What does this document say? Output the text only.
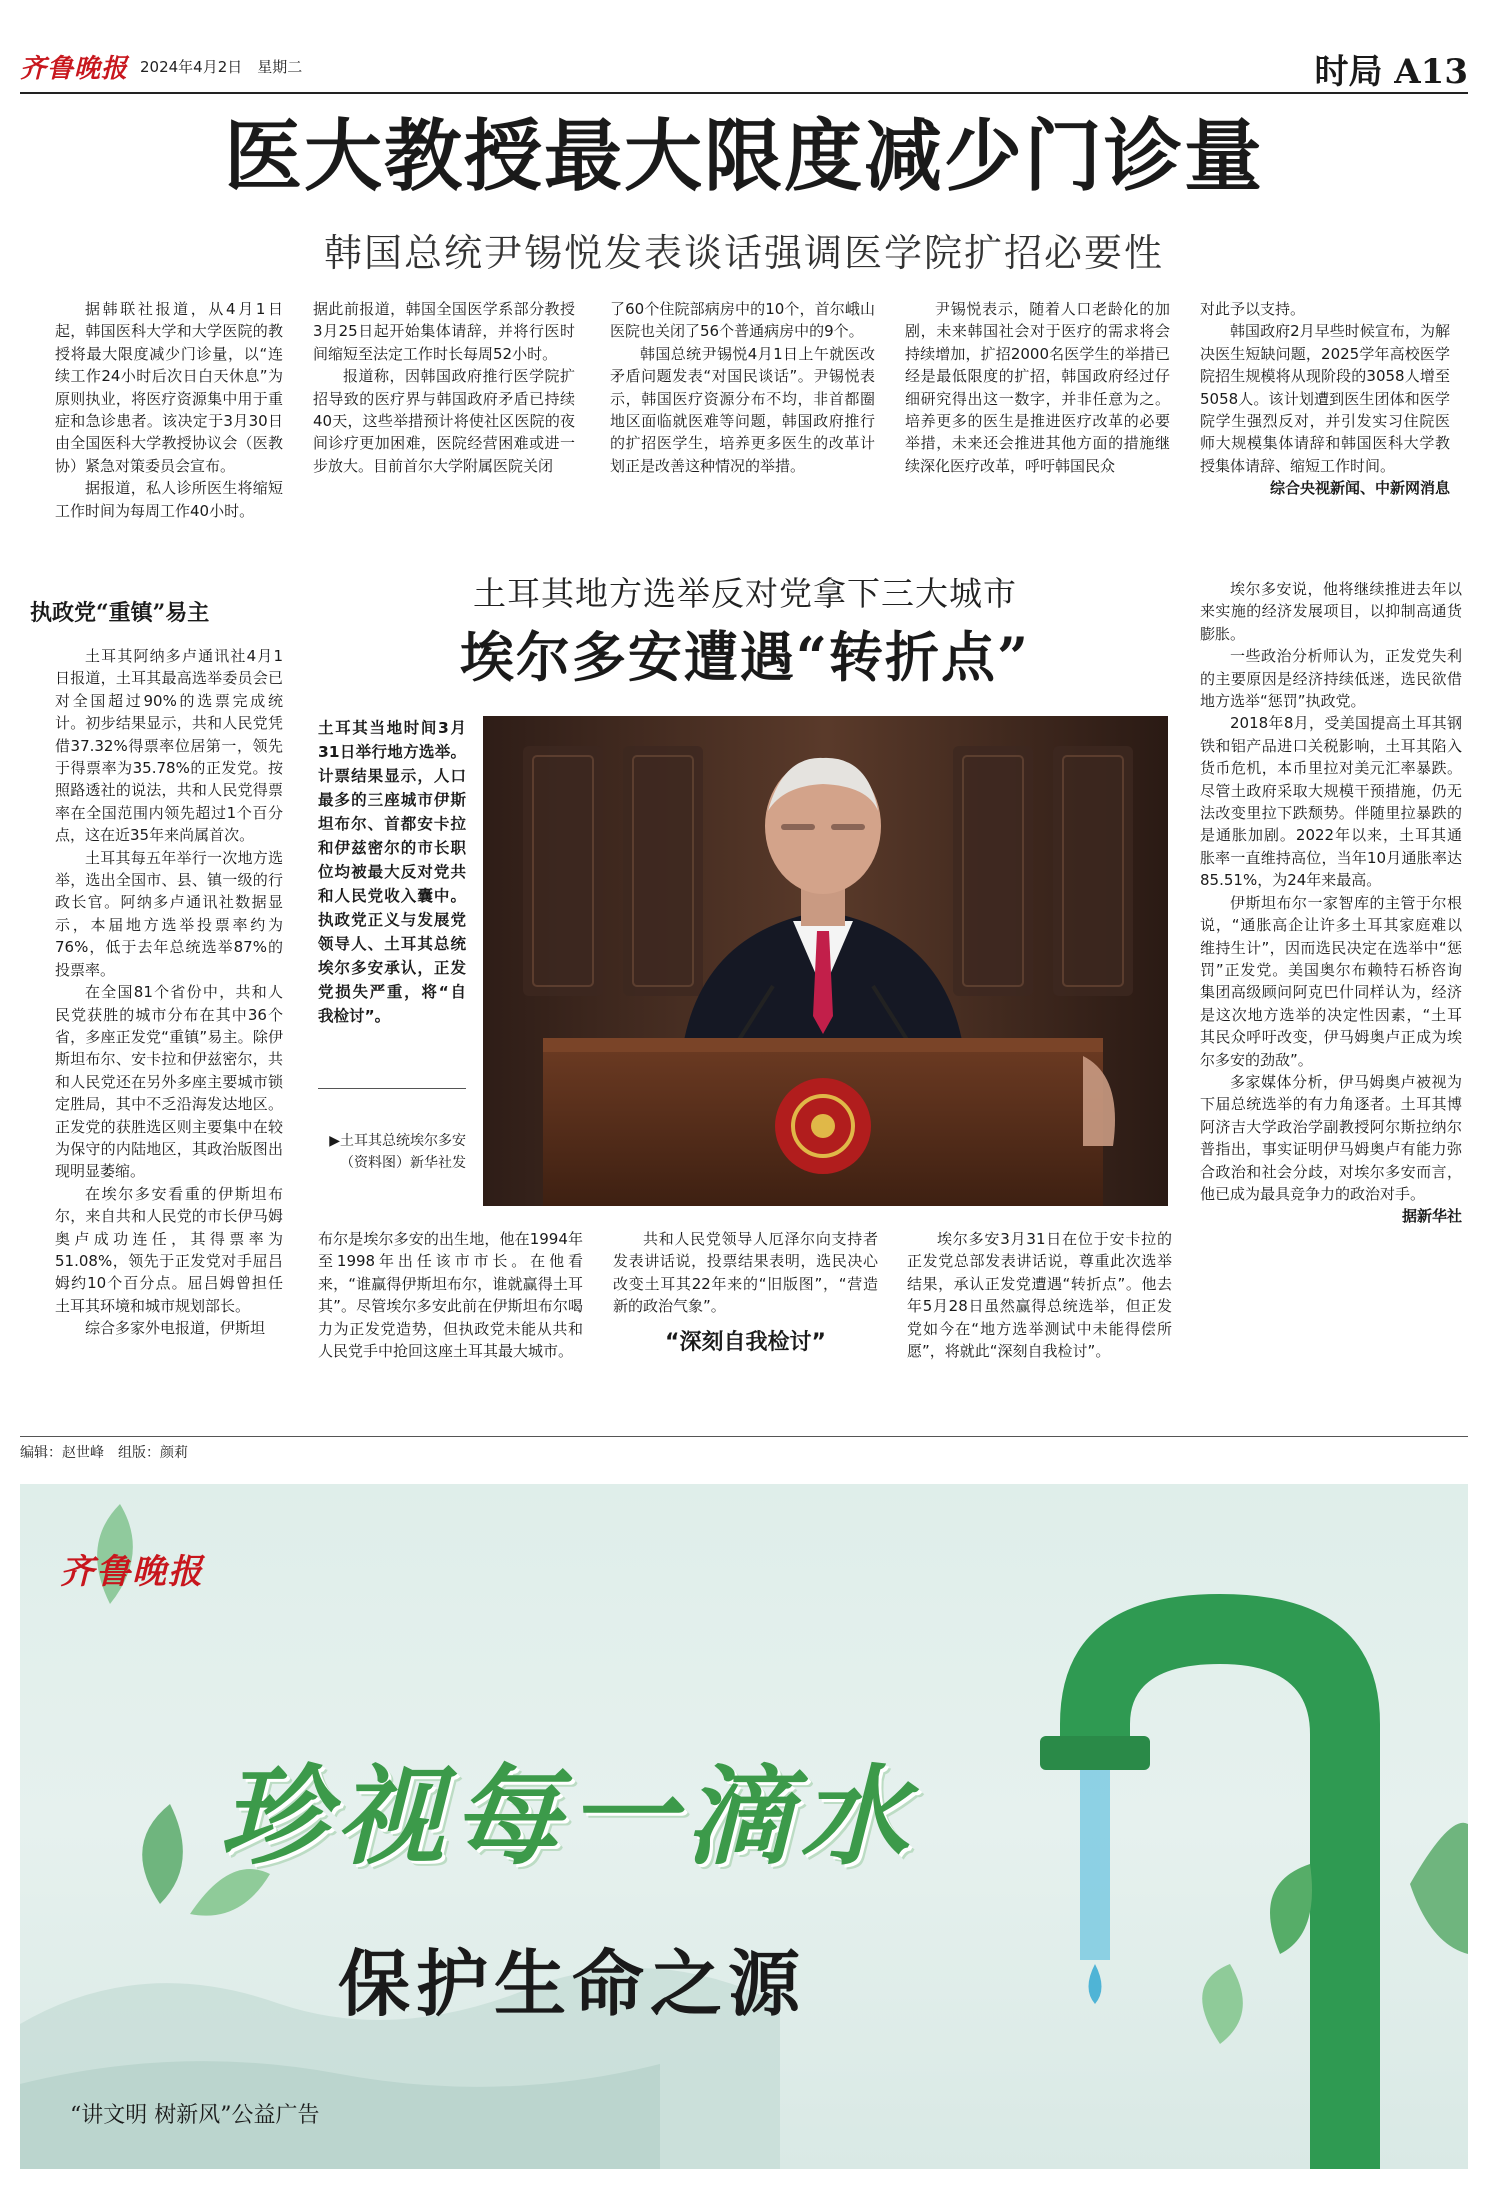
齐鲁晚报 2024年4月2日　星期二	时局 A13
医大教授最大限度减少门诊量
韩国总统尹锡悦发表谈话强调医学院扩招必要性

据韩联社报道，从4月1日起，韩国医科大学和大学医院的教授将最大限度减少门诊量，以“连续工作24小时后次日白天休息”为原则执业，将医疗资源集中用于重症和急诊患者。该决定于3月30日由全国医科大学教授协议会（医教协）紧急对策委员会宣布。

据报道，私人诊所医生将缩短工作时间为每周工作40小时。

据此前报道，韩国全国医学系部分教授3月25日起开始集体请辞，并将行医时间缩短至法定工作时长每周52小时。

报道称，因韩国政府推行医学院扩招导致的医疗界与韩国政府矛盾已持续40天，这些举措预计将使社区医院的夜间诊疗更加困难，医院经营困难或进一步放大。目前首尔大学附属医院关闭

了60个住院部病房中的10个，首尔峨山医院也关闭了56个普通病房中的9个。

韩国总统尹锡悦4月1日上午就医改矛盾问题发表“对国民谈话”。尹锡悦表示，韩国医疗资源分布不均，非首都圈地区面临就医难等问题，韩国政府推行的扩招医学生，培养更多医生的改革计划正是改善这种情况的举措。

尹锡悦表示，随着人口老龄化的加剧，未来韩国社会对于医疗的需求将会持续增加，扩招2000名医学生的举措已经是最低限度的扩招，韩国政府经过仔细研究得出这一数字，并非任意为之。培养更多的医生是推进医疗改革的必要举措，未来还会推进其他方面的措施继续深化医疗改革，呼吁韩国民众

对此予以支持。

韩国政府2月早些时候宣布，为解决医生短缺问题，2025学年高校医学院招生规模将从现阶段的3058人增至5058人。该计划遭到医生团体和医学院学生强烈反对，并引发实习住院医师大规模集体请辞和韩国医科大学教授集体请辞、缩短工作时间。

综合央视新闻、中新网消息

土耳其地方选举反对党拿下三大城市
埃尔多安遭遇“转折点”
执政党“重镇”易主

土耳其阿纳多卢通讯社4月1日报道，土耳其最高选举委员会已对全国超过90%的选票完成统计。初步结果显示，共和人民党凭借37.32%得票率位居第一，领先于得票率为35.78%的正发党。按照路透社的说法，共和人民党得票率在全国范围内领先超过1个百分点，这在近35年来尚属首次。

土耳其每五年举行一次地方选举，选出全国市、县、镇一级的行政长官。阿纳多卢通讯社数据显示，本届地方选举投票率约为76%，低于去年总统选举87%的投票率。

在全国81个省份中，共和人民党获胜的城市分布在其中36个省，多座正发党“重镇”易主。除伊斯坦布尔、安卡拉和伊兹密尔，共和人民党还在另外多座主要城市锁定胜局，其中不乏沿海发达地区。正发党的获胜选区则主要集中在较为保守的内陆地区，其政治版图出现明显萎缩。

在埃尔多安看重的伊斯坦布尔，来自共和人民党的市长伊马姆奥卢成功连任，其得票率为51.08%，领先于正发党对手屈吕姆约10个百分点。屈吕姆曾担任土耳其环境和城市规划部长。

综合多家外电报道，伊斯坦

土耳其当地时间3月31日举行地方选举。计票结果显示，人口最多的三座城市伊斯坦布尔、首都安卡拉和伊兹密尔的市长职位均被最大反对党共和人民党收入囊中。执政党正义与发展党领导人、土耳其总统埃尔多安承认，正发党损失严重，将“自我检讨”。
▶土耳其总统埃尔多安（资料图）新华社发

布尔是埃尔多安的出生地，他在1994年至1998年出任该市市长。在他看来，“谁赢得伊斯坦布尔，谁就赢得土耳其”。尽管埃尔多安此前在伊斯坦布尔喝力为正发党造势，但执政党未能从共和人民党手中抢回这座土耳其最大城市。

共和人民党领导人厄泽尔向支持者发表讲话说，投票结果表明，选民决心改变土耳其22年来的“旧版图”，“营造新的政治气象”。

“深刻自我检讨”

埃尔多安3月31日在位于安卡拉的正发党总部发表讲话说，尊重此次选举结果，承认正发党遭遇“转折点”。他去年5月28日虽然赢得总统选举，但正发党如今在“地方选举测试中未能得偿所愿”，将就此“深刻自我检讨”。

埃尔多安说，他将继续推进去年以来实施的经济发展项目，以抑制高通货膨胀。

一些政治分析师认为，正发党失利的主要原因是经济持续低迷，选民欲借地方选举“惩罚”执政党。

2018年8月，受美国提高土耳其钢铁和铝产品进口关税影响，土耳其陷入货币危机，本币里拉对美元汇率暴跌。尽管土政府采取大规模干预措施，仍无法改变里拉下跌颓势。伴随里拉暴跌的是通胀加剧。2022年以来，土耳其通胀率一直维持高位，当年10月通胀率达85.51%，为24年来最高。

伊斯坦布尔一家智库的主管于尔根说，“通胀高企让许多土耳其家庭难以维持生计”，因而选民决定在选举中“惩罚”正发党。美国奥尔布赖特石桥咨询集团高级顾问阿克巴什同样认为，经济是这次地方选举的决定性因素，“土耳其民众呼吁改变，伊马姆奥卢正成为埃尔多安的劲敌”。

多家媒体分析，伊马姆奥卢被视为下届总统选举的有力角逐者。土耳其博阿济吉大学政治学副教授阿尔斯拉纳尔普指出，事实证明伊马姆奥卢有能力弥合政治和社会分歧，对埃尔多安而言，他已成为最具竞争力的政治对手。

据新华社

编辑：赵世峰　组版：颜莉
齐鲁晚报
珍视每一滴水
保护生命之源
“讲文明 树新风”公益广告
